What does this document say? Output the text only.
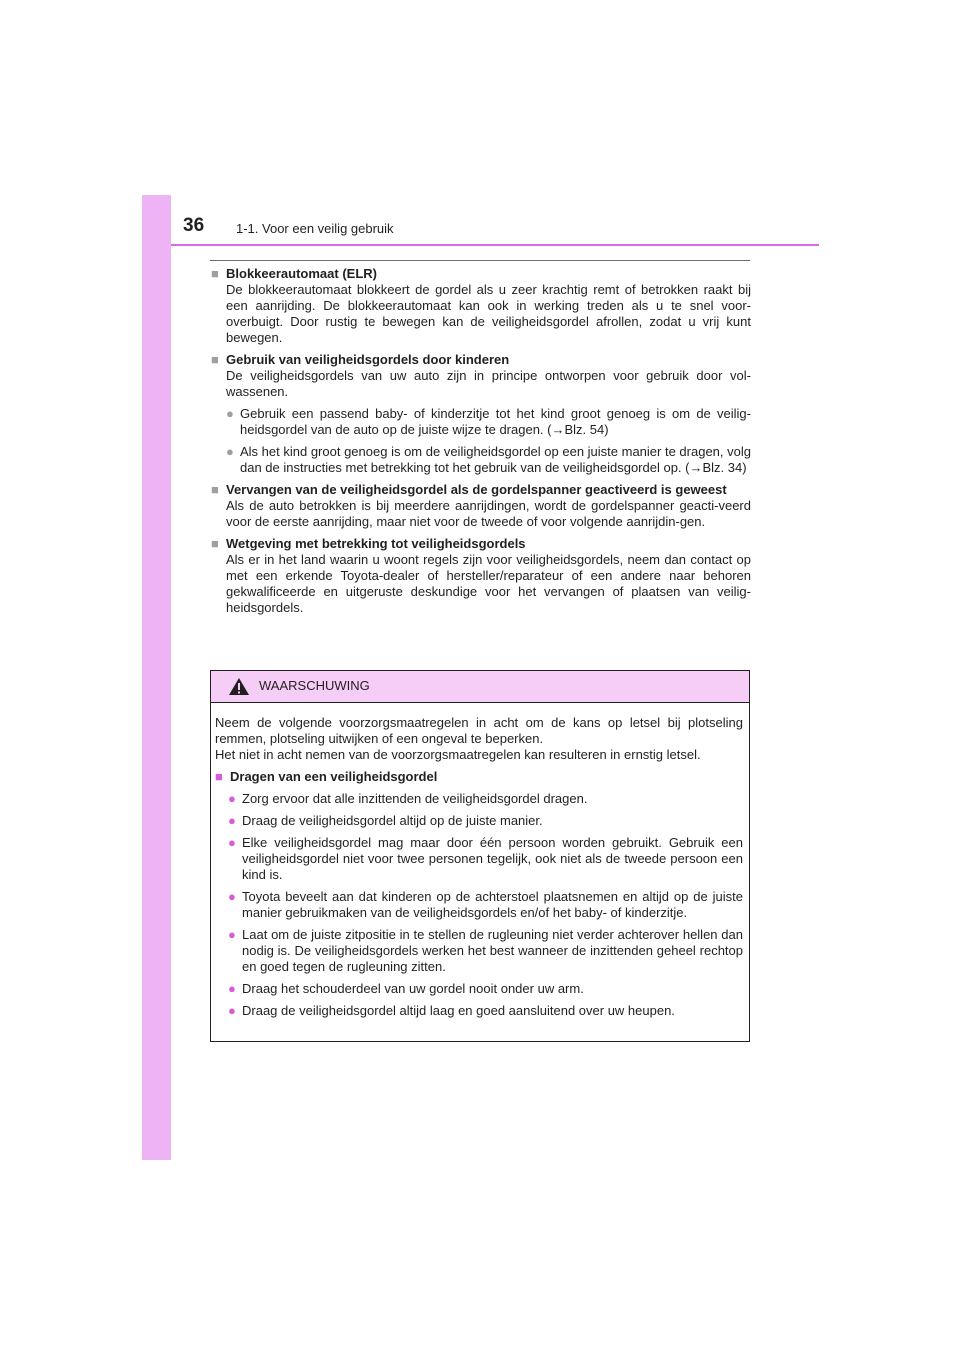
36 1-1. Voor een veilig gebruik
■ Blokkeerautomaat (ELR)
De blokkeerautomaat blokkeert de gordel als u zeer krachtig remt of betrokken raakt bij een aanrijding. De blokkeerautomaat kan ook in werking treden als u te snel voor-overbuigt. Door rustig te bewegen kan de veiligheidsgordel afrollen, zodat u vrij kunt bewegen.
■ Gebruik van veiligheidsgordels door kinderen
De veiligheidsgordels van uw auto zijn in principe ontworpen voor gebruik door vol-wassenen.
● Gebruik een passend baby- of kinderzitje tot het kind groot genoeg is om de veilig-heidsgordel van de auto op de juiste wijze te dragen. (→Blz. 54)
● Als het kind groot genoeg is om de veiligheidsgordel op een juiste manier te dragen, volg dan de instructies met betrekking tot het gebruik van de veiligheidsgordel op. (→Blz. 34)
■ Vervangen van de veiligheidsgordel als de gordelspanner geactiveerd is geweest
Als de auto betrokken is bij meerdere aanrijdingen, wordt de gordelspanner geacti-veerd voor de eerste aanrijding, maar niet voor de tweede of voor volgende aanrijdin-gen.
■ Wetgeving met betrekking tot veiligheidsgordels
Als er in het land waarin u woont regels zijn voor veiligheidsgordels, neem dan contact op met een erkende Toyota-dealer of hersteller/reparateur of een andere naar behoren gekwalificeerde en uitgeruste deskundige voor het vervangen of plaatsen van veilig-heidsgordels.
WAARSCHUWING
Neem de volgende voorzorgsmaatregelen in acht om de kans op letsel bij plotseling remmen, plotseling uitwijken of een ongeval te beperken.
Het niet in acht nemen van de voorzorgsmaatregelen kan resulteren in ernstig letsel.
■ Dragen van een veiligheidsgordel
● Zorg ervoor dat alle inzittenden de veiligheidsgordel dragen.
● Draag de veiligheidsgordel altijd op de juiste manier.
● Elke veiligheidsgordel mag maar door één persoon worden gebruikt. Gebruik een veiligheidsgordel niet voor twee personen tegelijk, ook niet als de tweede persoon een kind is.
● Toyota beveelt aan dat kinderen op de achterstoel plaatsnemen en altijd op de juiste manier gebruikmaken van de veiligheidsgordels en/of het baby- of kinderzitje.
● Laat om de juiste zitpositie in te stellen de rugleuning niet verder achterover hellen dan nodig is. De veiligheidsgordels werken het best wanneer de inzittenden geheel rechtop en goed tegen de rugleuning zitten.
● Draag het schouderdeel van uw gordel nooit onder uw arm.
● Draag de veiligheidsgordel altijd laag en goed aansluitend over uw heupen.
